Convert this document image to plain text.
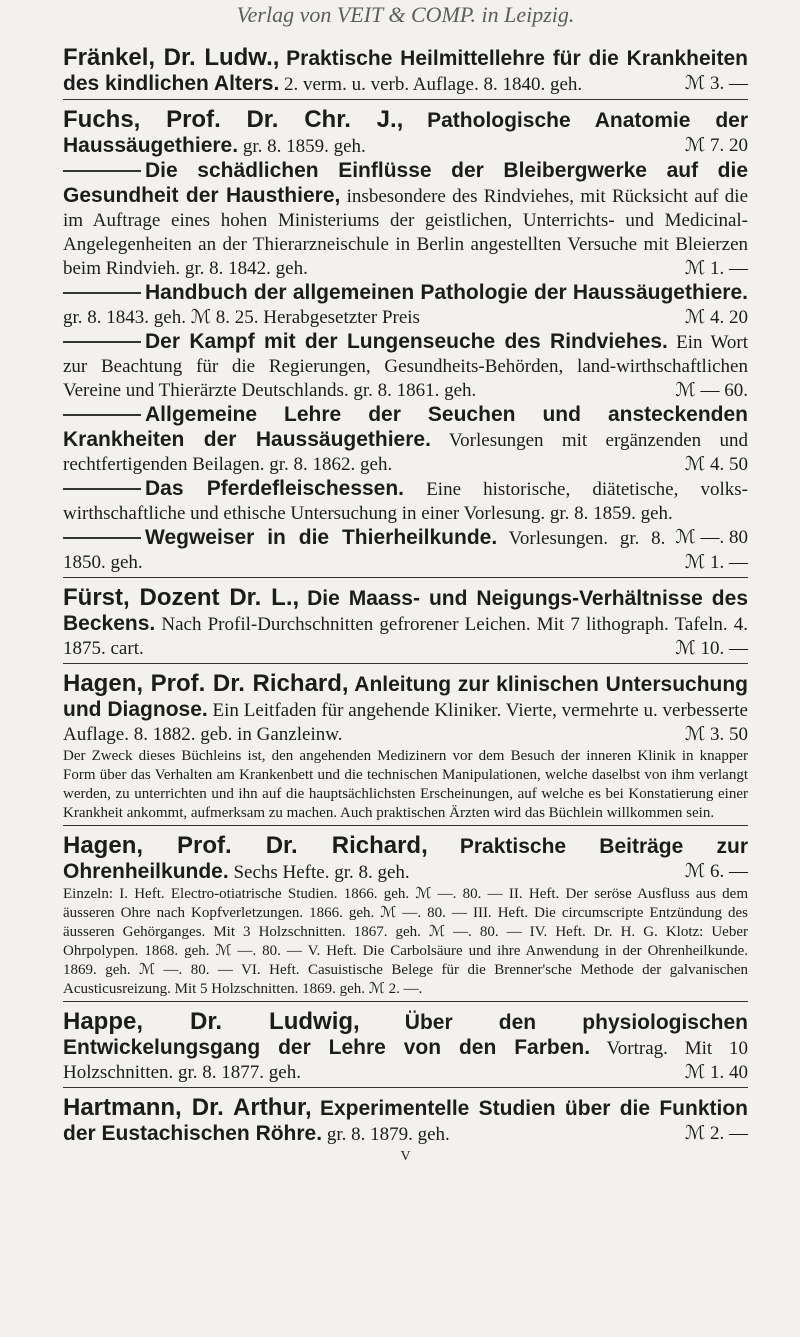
Verlag von VEIT & COMP. in Leipzig.

Fränkel, Dr. Ludw., Praktische Heilmittellehre für die Krankheiten des kindlichen Alters. 2. verm. u. verb. Auflage. 8. 1840. geh.	ℳ 3. —

Fuchs, Prof. Dr. Chr. J., Pathologische Anatomie der Haussäugethiere. gr. 8. 1859. geh.	ℳ 7. 20

Die schädlichen Einflüsse der Bleibergwerke auf die Gesundheit der Hausthiere, insbesondere des Rindviehes, mit Rücksicht auf die im Auftrage eines hohen Ministeriums der geistlichen, Unterrichts- und Medicinal-Angelegenheiten an der Thierarzneischule in Berlin angestellten Versuche mit Bleierzen beim Rindvieh. gr. 8. 1842. geh.	ℳ 1. —

Handbuch der allgemeinen Pathologie der Haussäugethiere. gr. 8. 1843. geh. ℳ 8. 25. Herabgesetzter Preis	ℳ 4. 20

Der Kampf mit der Lungenseuche des Rindviehes. Ein Wort zur Beachtung für die Regierungen, Gesundheits-Behörden, land-wirthschaftlichen Vereine und Thierärzte Deutschlands. gr. 8. 1861. geh.	ℳ — 60.

Allgemeine Lehre der Seuchen und ansteckenden Krankheiten der Haussäugethiere. Vorlesungen mit ergänzenden und rechtfertigenden Beilagen. gr. 8. 1862. geh.	ℳ 4. 50

Das Pferdefleischessen. Eine historische, diätetische, volks-wirthschaftliche und ethische Untersuchung in einer Vorlesung. gr. 8. 1859. geh.
ℳ —. 80

Wegweiser in die Thierheilkunde. Vorlesungen. gr. 8. 1850. geh.	ℳ 1. —

Fürst, Dozent Dr. L., Die Maass- und Neigungs-Verhältnisse des Beckens. Nach Profil-Durchschnitten gefrorener Leichen. Mit 7 lithograph. Tafeln. 4. 1875. cart.	ℳ 10. —

Hagen, Prof. Dr. Richard, Anleitung zur klinischen Untersuchung und Diagnose. Ein Leitfaden für angehende Kliniker. Vierte, vermehrte u. verbesserte Auflage. 8. 1882. geb. in Ganzleinw.	ℳ 3. 50

Der Zweck dieses Büchleins ist, den angehenden Medizinern vor dem Besuch der inneren Klinik in knapper Form über das Verhalten am Krankenbett und die technischen Manipulationen, welche daselbst von ihm verlangt werden, zu unterrichten und ihn auf die hauptsächlichsten Erscheinungen, auf welche es bei Konstatierung einer Krankheit ankommt, aufmerksam zu machen. Auch praktischen Ärzten wird das Büchlein willkommen sein.

Hagen, Prof. Dr. Richard, Praktische Beiträge zur Ohrenheilkunde. Sechs Hefte. gr. 8. geh.	ℳ 6. —

Einzeln: I. Heft. Electro-otiatrische Studien. 1866. geh. ℳ —. 80. — II. Heft. Der seröse Ausfluss aus dem äusseren Ohre nach Kopfverletzungen. 1866. geh. ℳ —. 80. — III. Heft. Die circumscripte Entzündung des äusseren Gehörganges. Mit 3 Holzschnitten. 1867. geh. ℳ —. 80. — IV. Heft. Dr. H. G. Klotz: Ueber Ohrpolypen. 1868. geh. ℳ —. 80. — V. Heft. Die Carbolsäure und ihre Anwendung in der Ohrenheilkunde. 1869. geh. ℳ —. 80. — VI. Heft. Casuistische Belege für die Brenner'sche Methode der galvanischen Acusticusreizung. Mit 5 Holzschnitten. 1869. geh. ℳ 2. —.

Happe, Dr. Ludwig, Über den physiologischen Entwickelungsgang der Lehre von den Farben. Vortrag. Mit 10 Holzschnitten. gr. 8. 1877. geh.	ℳ 1. 40

Hartmann, Dr. Arthur, Experimentelle Studien über die Funktion der Eustachischen Röhre. gr. 8. 1879. geh.	ℳ 2. —

V
